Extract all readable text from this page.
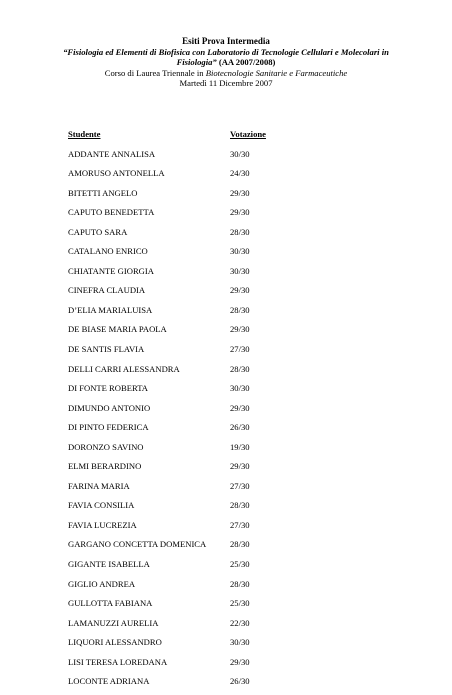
Esiti Prova Intermedia
“Fisiologia ed Elementi di Biofisica con Laboratorio di Tecnologie Cellulari e Molecolari in Fisiologia” (AA 2007/2008)
Corso di Laurea Triennale in Biotecnologie Sanitarie e Farmaceutiche
Martedì 11 Dicembre 2007
Studente	Votazione
ADDANTE ANNALISA	30/30
AMORUSO ANTONELLA	24/30
BITETTI ANGELO	29/30
CAPUTO BENEDETTA	29/30
CAPUTO SARA	28/30
CATALANO ENRICO	30/30
CHIATANTE GIORGIA	30/30
CINEFRA CLAUDIA	29/30
D’ELIA MARIALUISA	28/30
DE BIASE MARIA PAOLA	29/30
DE SANTIS FLAVIA	27/30
DELLI CARRI ALESSANDRA	28/30
DI FONTE ROBERTA	30/30
DIMUNDO ANTONIO	29/30
DI PINTO FEDERICA	26/30
DORONZO SAVINO	19/30
ELMI BERARDINO	29/30
FARINA MARIA	27/30
FAVIA CONSILIA	28/30
FAVIA LUCREZIA	27/30
GARGANO CONCETTA DOMENICA	28/30
GIGANTE ISABELLA	25/30
GIGLIO ANDREA	28/30
GULLOTTA FABIANA	25/30
LAMANUZZI AURELIA	22/30
LIQUORI ALESSANDRO	30/30
LISI TERESA LOREDANA	29/30
LOCONTE ADRIANA	26/30
